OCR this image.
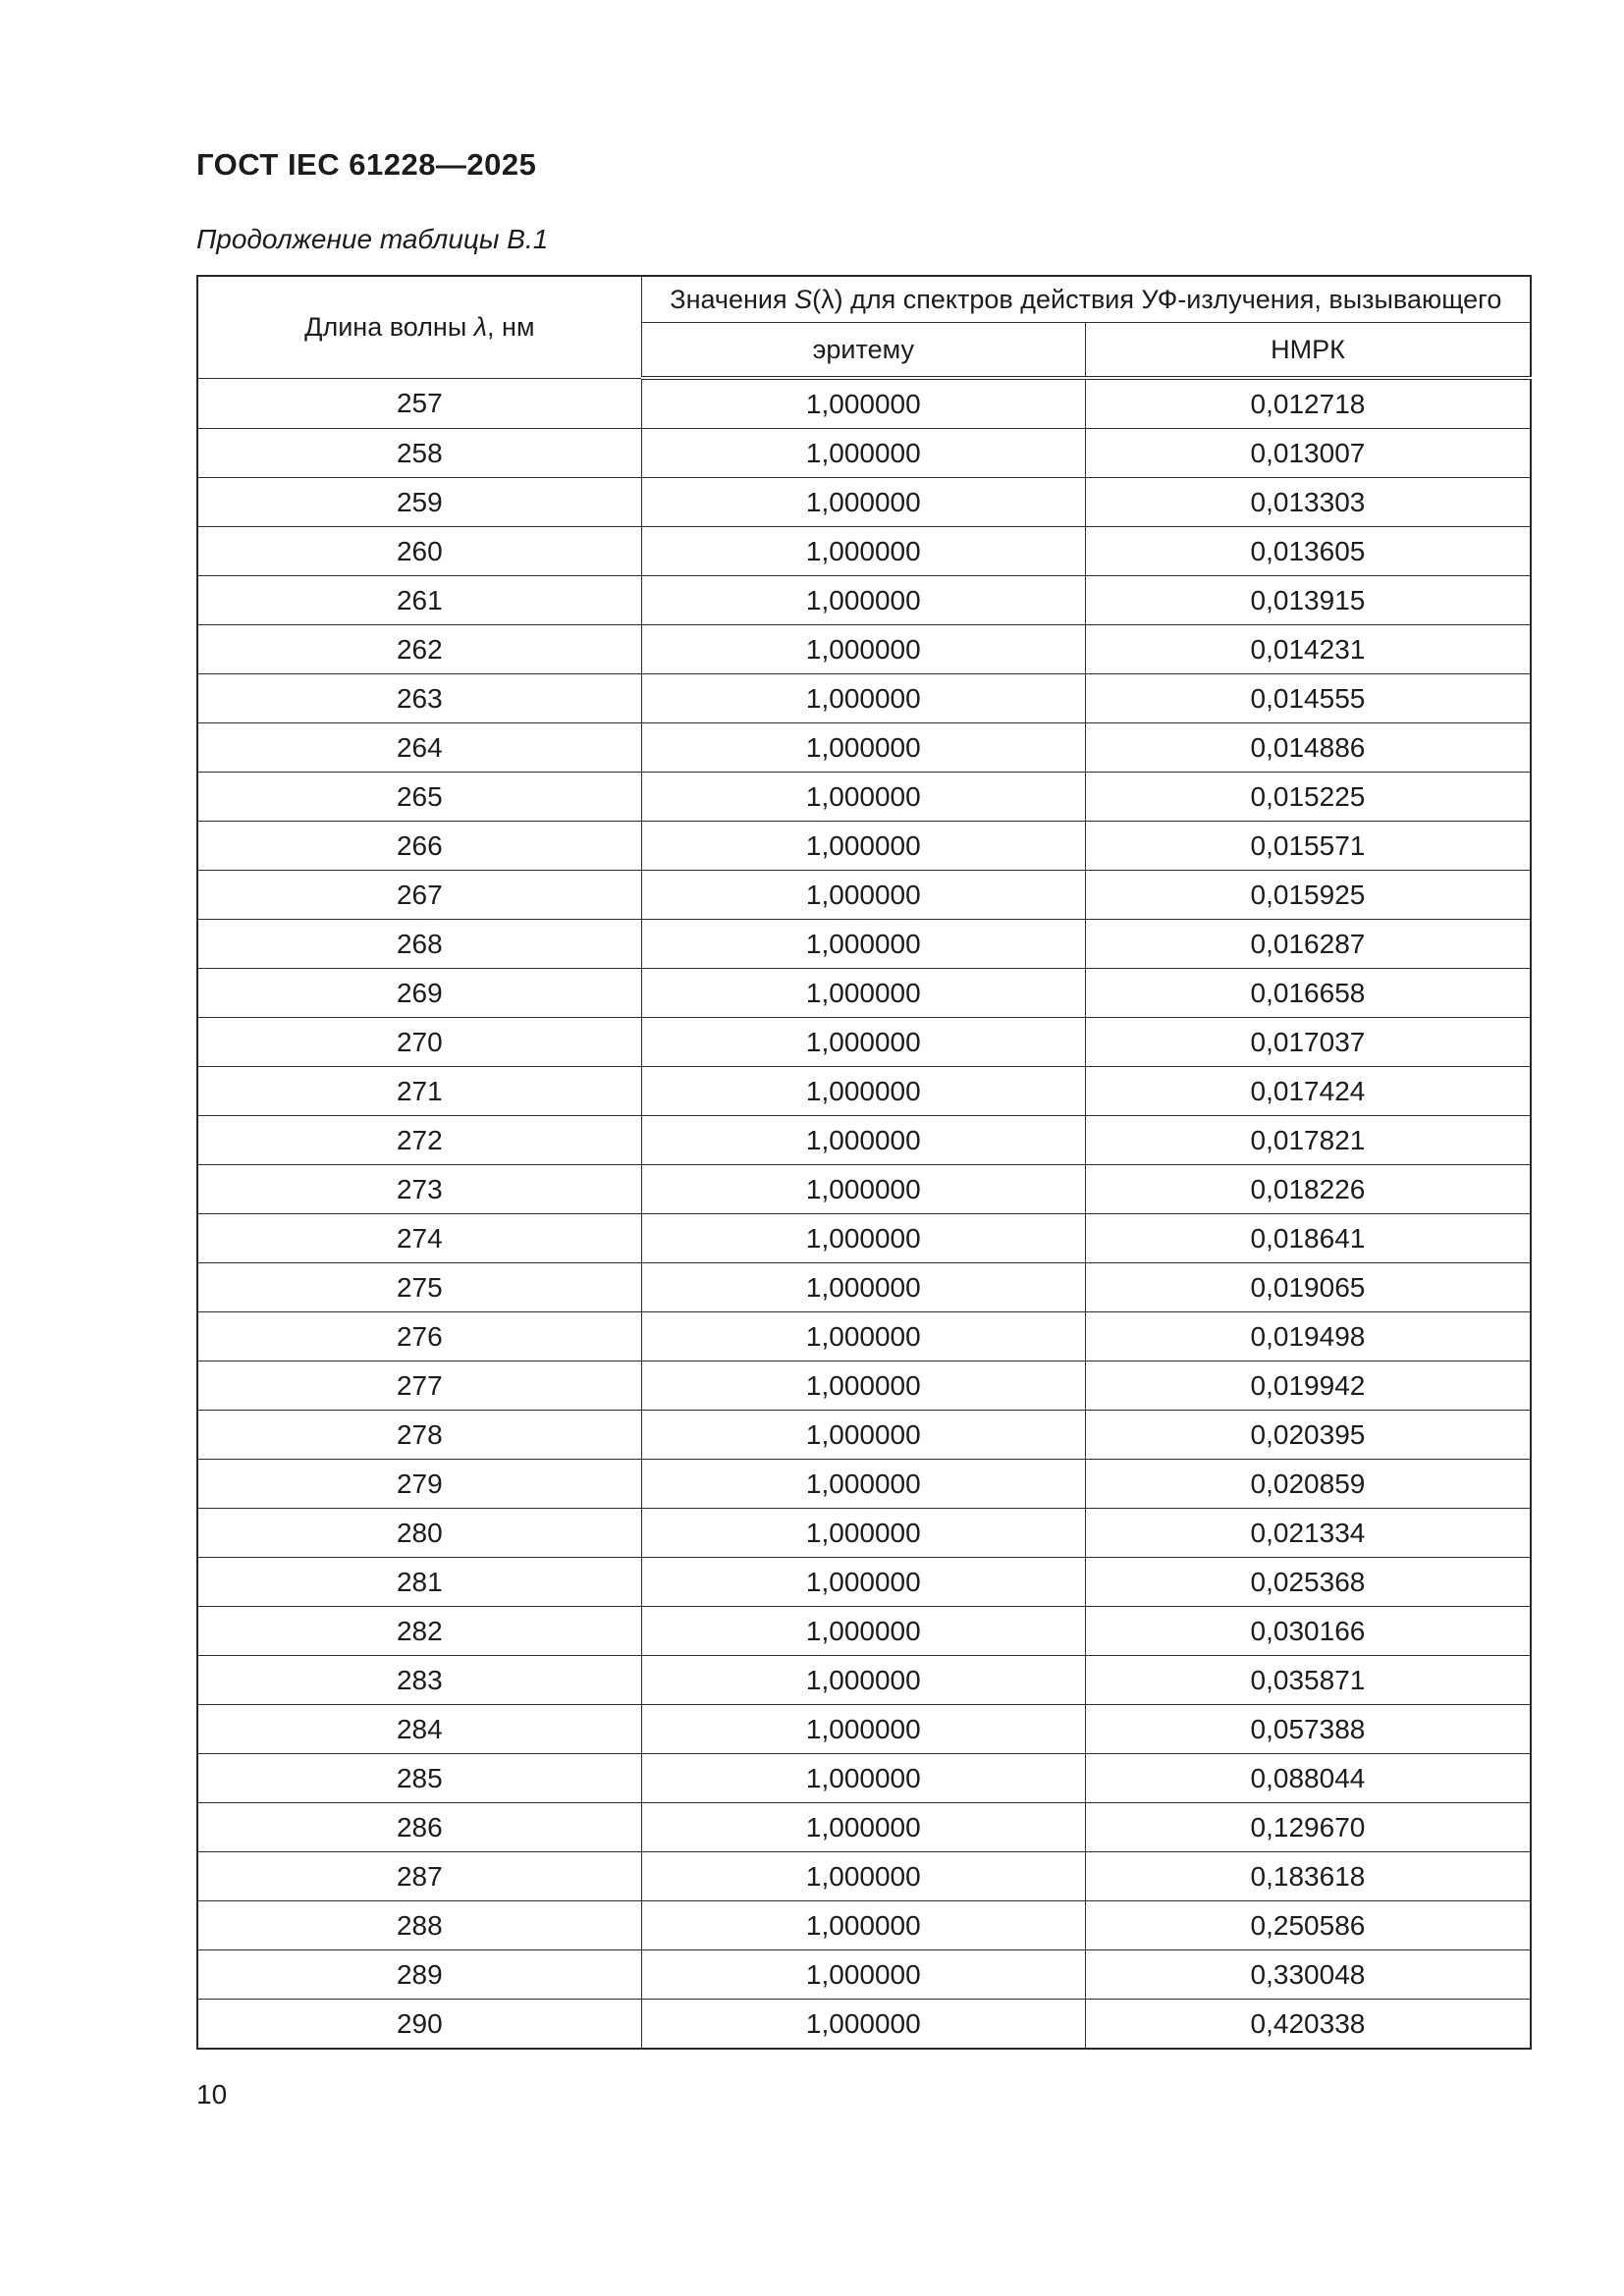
ГОСТ IEC 61228—2025
Продолжение таблицы В.1
Длина волны λ, нм	Значения S(λ) для спектров действия УФ-излучения, вызывающего	
	эритему	НМРК
257	1,000000	0,012718
258	1,000000	0,013007
259	1,000000	0,013303
260	1,000000	0,013605
261	1,000000	0,013915
262	1,000000	0,014231
263	1,000000	0,014555
264	1,000000	0,014886
265	1,000000	0,015225
266	1,000000	0,015571
267	1,000000	0,015925
268	1,000000	0,016287
269	1,000000	0,016658
270	1,000000	0,017037
271	1,000000	0,017424
272	1,000000	0,017821
273	1,000000	0,018226
274	1,000000	0,018641
275	1,000000	0,019065
276	1,000000	0,019498
277	1,000000	0,019942
278	1,000000	0,020395
279	1,000000	0,020859
280	1,000000	0,021334
281	1,000000	0,025368
282	1,000000	0,030166
283	1,000000	0,035871
284	1,000000	0,057388
285	1,000000	0,088044
286	1,000000	0,129670
287	1,000000	0,183618
288	1,000000	0,250586
289	1,000000	0,330048
290	1,000000	0,420338
10
